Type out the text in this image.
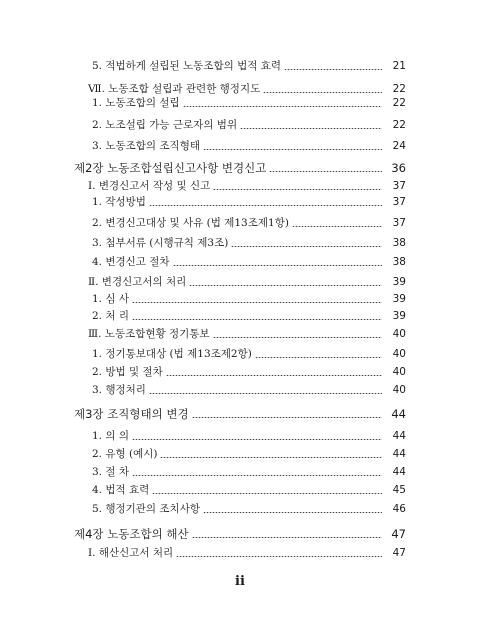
5. 적법하게 설립된 노동조합의 법적 효력	21
Ⅶ. 노동조합 설립과 관련한 행정지도	22
1. 노동조합의 설립	22
2. 노조설립 가능 근로자의 범위	22
3. 노동조합의 조직형태	24
제2장 노동조합설립신고사항 변경신고	36
Ⅰ. 변경신고서 작성 및 신고	37
1. 작성방법	37
2. 변경신고대상 및 사유 (법 제13조제1항)	37
3. 첨부서류 (시행규칙 제3조)	38
4. 변경신고 절차	38
Ⅱ. 변경신고서의 처리	39
1. 심 사	39
2. 처 리	39
Ⅲ. 노동조합현황 정기통보	40
1. 정기통보대상 (법 제13조제2항)	40
2. 방법 및 절차	40
3. 행정처리	40
제3장 조직형태의 변경	44
1. 의 의	44
2. 유형 (예시)	44
3. 절 차	44
4. 법적 효력	45
5. 행정기관의 조치사항	46
제4장 노동조합의 해산	47
Ⅰ. 해산신고서 처리	47
ii
